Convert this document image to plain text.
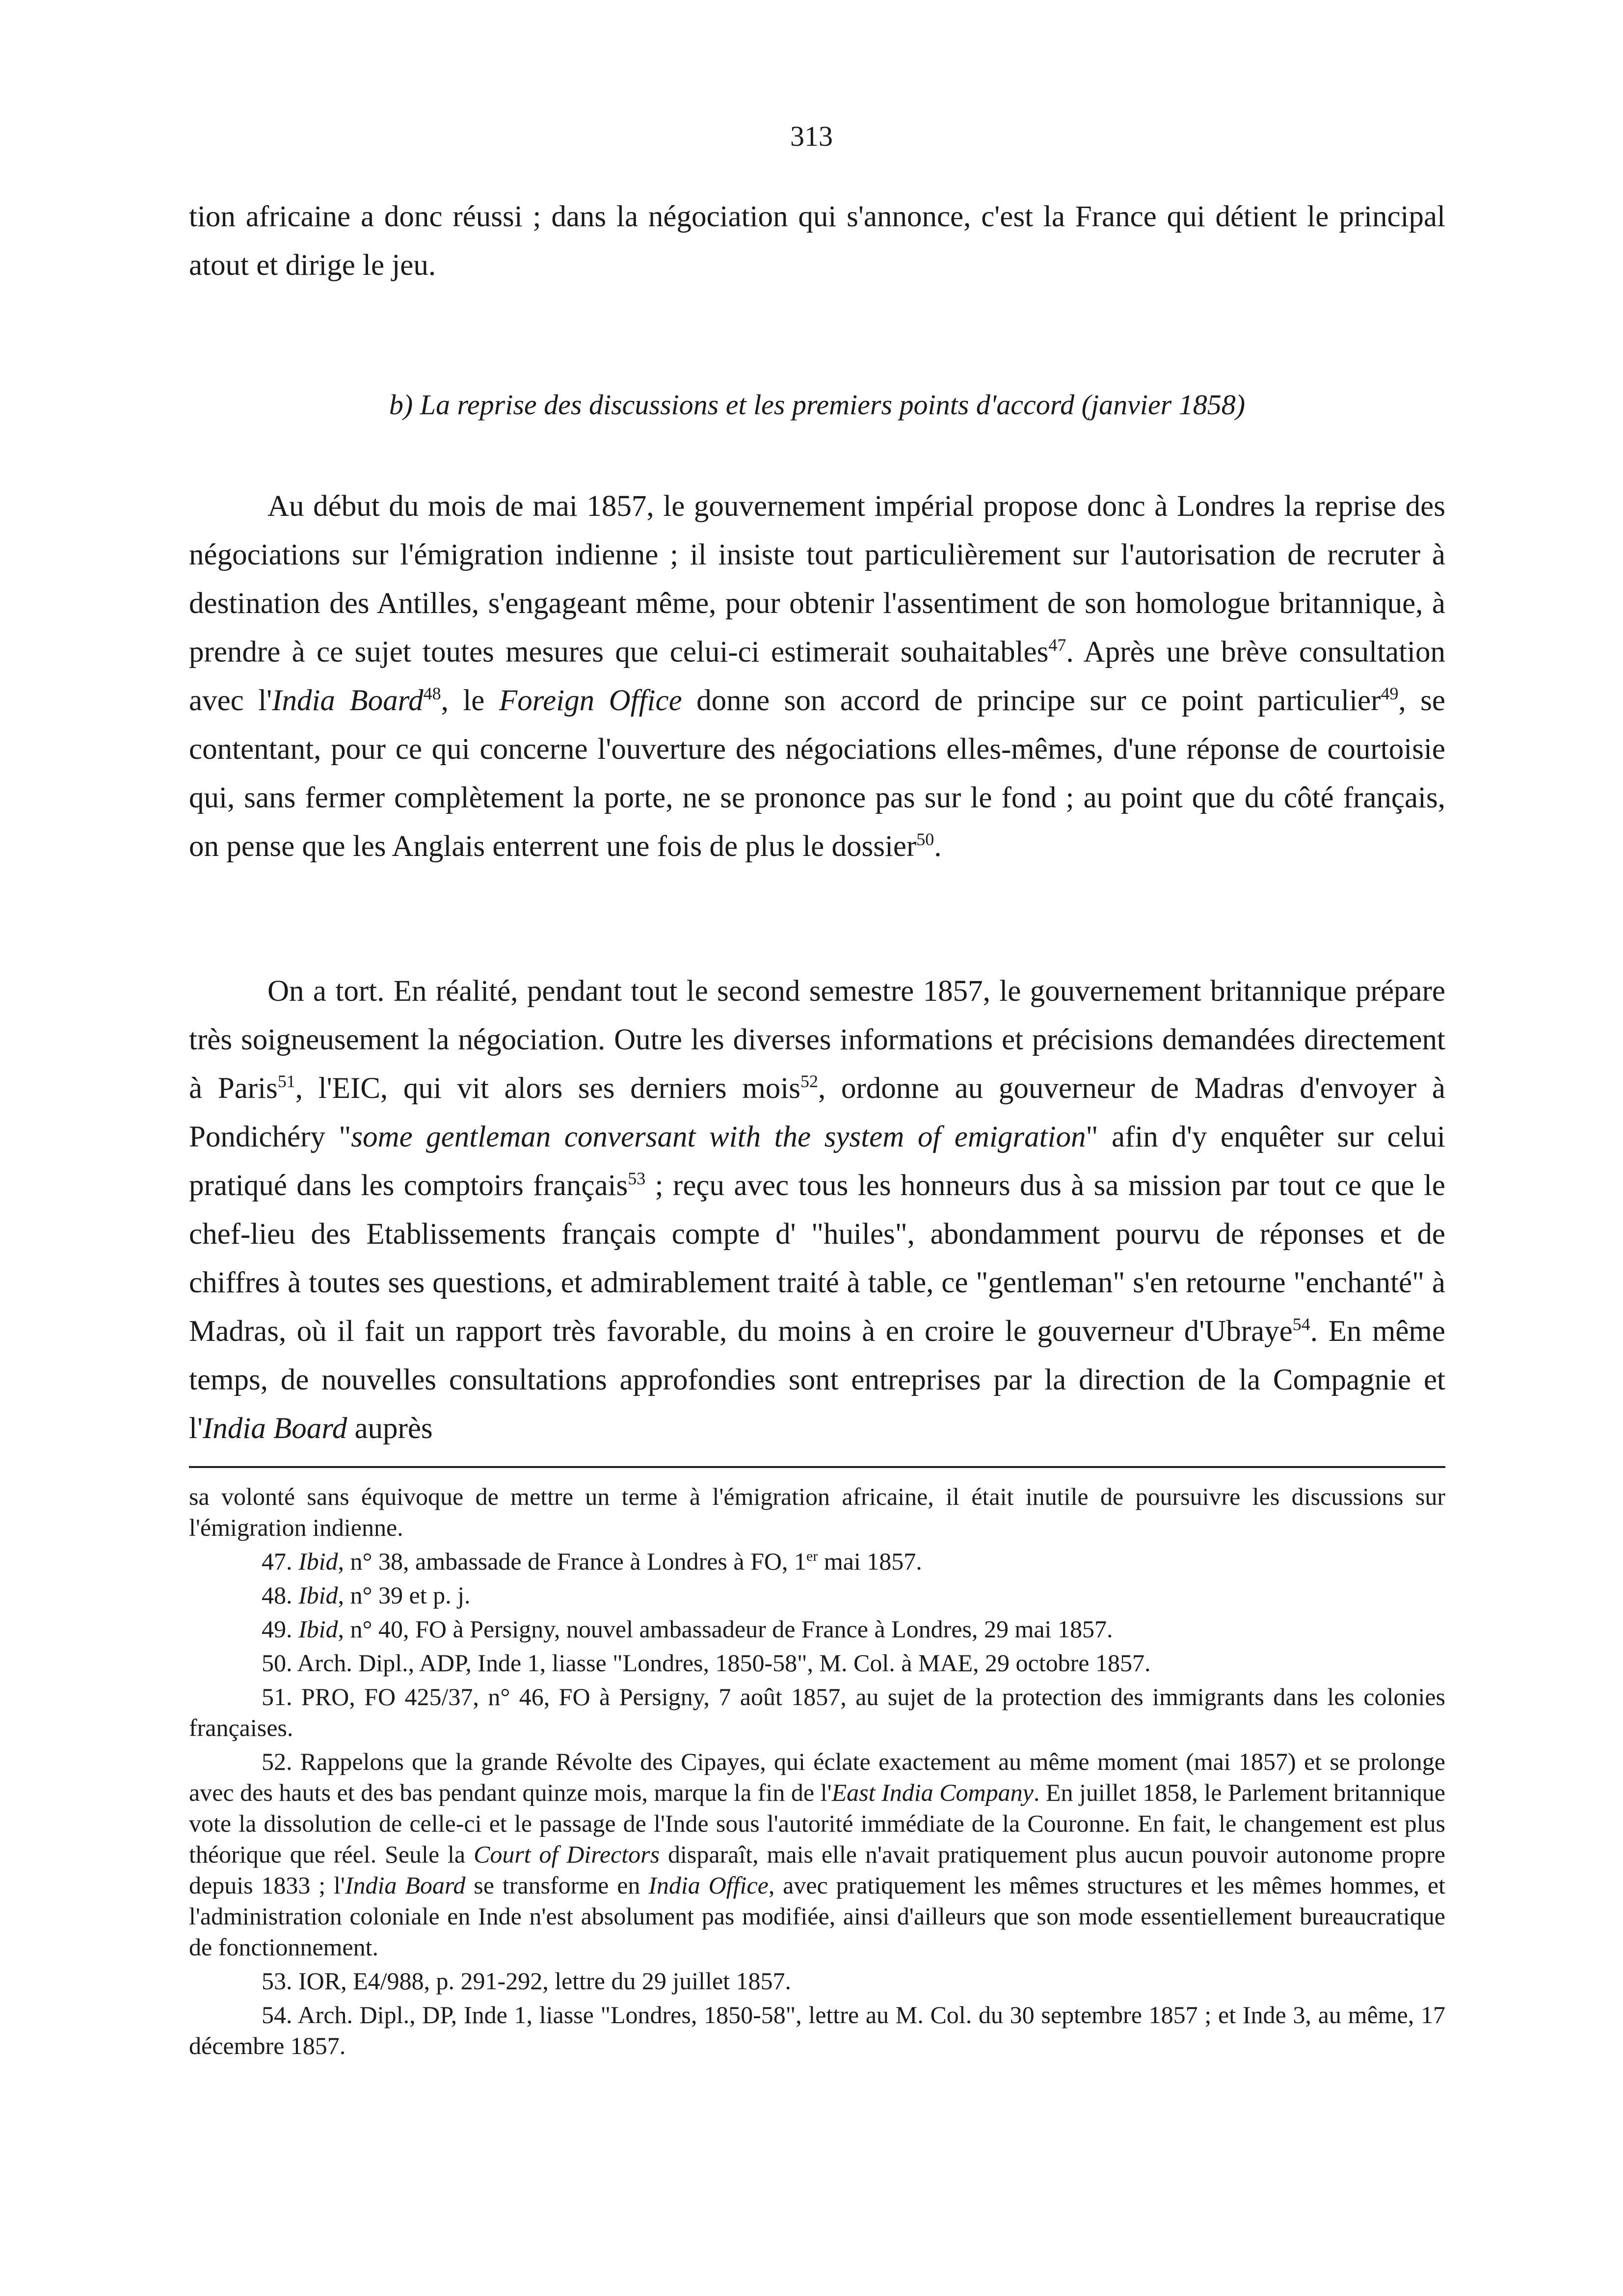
313

tion africaine a donc réussi ; dans la négociation qui s'annonce, c'est la France qui détient le principal atout et dirige le jeu.

b) La reprise des discussions et les premiers points d'accord (janvier 1858)

Au début du mois de mai 1857, le gouvernement impérial propose donc à Londres la reprise des négociations sur l'émigration indienne ; il insiste tout particulièrement sur l'autorisation de recruter à destination des Antilles, s'engageant même, pour obtenir l'assentiment de son homologue britannique, à prendre à ce sujet toutes mesures que celui-ci estimerait souhaitables$^{47}$. Après une brève consultation avec l'India Board$^{48}$, le Foreign Office donne son accord de principe sur ce point particulier$^{49}$, se contentant, pour ce qui concerne l'ouverture des négociations elles-mêmes, d'une réponse de courtoisie qui, sans fermer complètement la porte, ne se prononce pas sur le fond ; au point que du côté français, on pense que les Anglais enterrent une fois de plus le dossier$^{50}$.

On a tort. En réalité, pendant tout le second semestre 1857, le gouvernement britannique prépare très soigneusement la négociation. Outre les diverses informations et précisions demandées directement à Paris$^{51}$, l'EIC, qui vit alors ses derniers mois$^{52}$, ordonne au gouverneur de Madras d'envoyer à Pondichéry "some gentleman conversant with the system of emigration" afin d'y enquêter sur celui pratiqué dans les comptoirs français$^{53}$ ; reçu avec tous les honneurs dus à sa mission par tout ce que le chef-lieu des Etablissements français compte d' "huiles", abondamment pourvu de réponses et de chiffres à toutes ses questions, et admirablement traité à table, ce "gentleman" s'en retourne "enchanté" à Madras, où il fait un rapport très favorable, du moins à en croire le gouverneur d'Ubraye$^{54}$. En même temps, de nouvelles consultations approfondies sont entreprises par la direction de la Compagnie et l'India Board auprès

sa volonté sans équivoque de mettre un terme à l'émigration africaine, il était inutile de poursuivre les discussions sur l'émigration indienne.

47. Ibid, n° 38, ambassade de France à Londres à FO, 1er mai 1857.

48. Ibid, n° 39 et p. j.

49. Ibid, n° 40, FO à Persigny, nouvel ambassadeur de France à Londres, 29 mai 1857.

50. Arch. Dipl., ADP, Inde 1, liasse "Londres, 1850-58", M. Col. à MAE, 29 octobre 1857.

51. PRO, FO 425/37, n° 46, FO à Persigny, 7 août 1857, au sujet de la protection des immigrants dans les colonies françaises.

52. Rappelons que la grande Révolte des Cipayes, qui éclate exactement au même moment (mai 1857) et se prolonge avec des hauts et des bas pendant quinze mois, marque la fin de l'East India Company. En juillet 1858, le Parlement britannique vote la dissolution de celle-ci et le passage de l'Inde sous l'autorité immédiate de la Couronne. En fait, le changement est plus théorique que réel. Seule la Court of Directors disparaît, mais elle n'avait pratiquement plus aucun pouvoir autonome propre depuis 1833 ; l'India Board se transforme en India Office, avec pratiquement les mêmes structures et les mêmes hommes, et l'administration coloniale en Inde n'est absolument pas modifiée, ainsi d'ailleurs que son mode essentiellement bureaucratique de fonctionnement.

53. IOR, E4/988, p. 291-292, lettre du 29 juillet 1857.

54. Arch. Dipl., DP, Inde 1, liasse "Londres, 1850-58", lettre au M. Col. du 30 septembre 1857 ; et Inde 3, au même, 17 décembre 1857.
